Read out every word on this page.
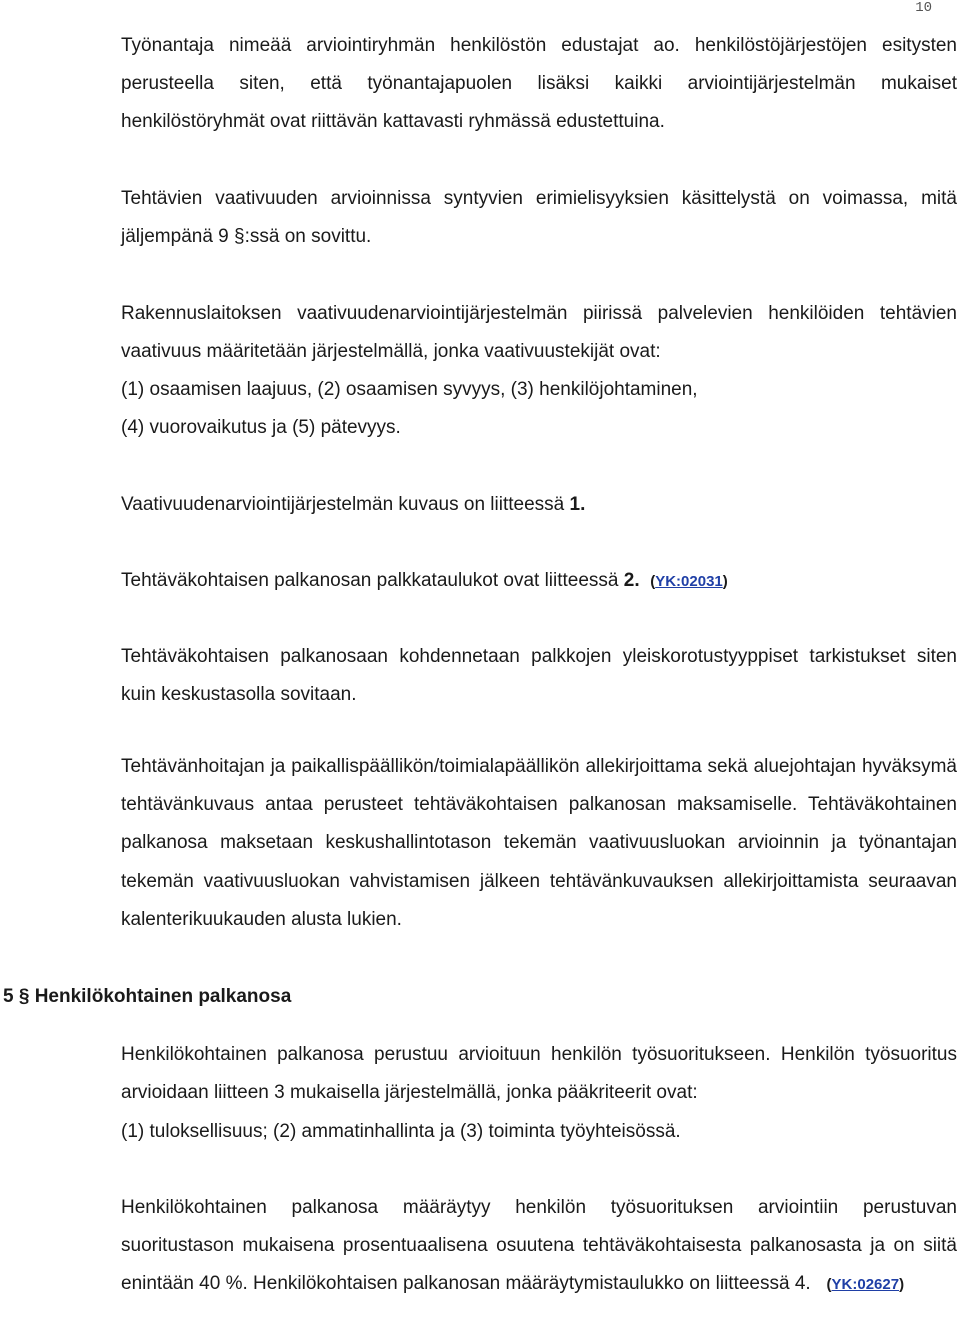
10

Työnantaja nimeää arviointiryhmän henkilöstön edustajat ao. henkilöstöjärjestöjen esitysten perusteella siten, että työnantajapuolen lisäksi kaikki arviointijärjestelmän mukaiset henkilöstöryhmät ovat riittävän kattavasti ryhmässä edustettuina.

Tehtävien vaativuuden arvioinnissa syntyvien erimielisyyksien käsittelystä on voimassa, mitä jäljempänä 9 §:ssä on sovittu.

Rakennuslaitoksen vaativuudenarviointijärjestelmän piirissä palvelevien henkilöiden tehtävien vaativuus määritetään järjestelmällä, jonka vaativuustekijät ovat:

(1) osaamisen laajuus, (2) osaamisen syvyys, (3) henkilöjohtaminen,

(4) vuorovaikutus ja (5) pätevyys.

Vaativuudenarviointijärjestelmän kuvaus on liitteessä 1.

Tehtäväkohtaisen palkanosan palkkataulukot ovat liitteessä 2. (YK:02031)

Tehtäväkohtaisen palkanosaan kohdennetaan palkkojen yleiskorotustyyppiset tarkistukset siten kuin keskustasolla sovitaan.

Tehtävänhoitajan ja paikallispäällikön/toimialapäällikön allekirjoittama sekä aluejohtajan hyväksymä tehtävänkuvaus antaa perusteet tehtäväkohtaisen palkanosan maksamiselle. Tehtäväkohtainen palkanosa maksetaan keskushallintotason tekemän vaativuusluokan arvioinnin ja työnantajan tekemän vaativuusluokan vahvistamisen jälkeen tehtävänkuvauksen allekirjoittamista seuraavan kalenterikuukauden alusta lukien.

5 § Henkilökohtainen palkanosa

Henkilökohtainen palkanosa perustuu arvioituun henkilön työsuoritukseen. Henkilön työsuoritus arvioidaan liitteen 3 mukaisella järjestelmällä, jonka pääkriteerit ovat:

(1) tuloksellisuus; (2) ammatinhallinta ja (3) toiminta työyhteisössä.

Henkilökohtainen palkanosa määräytyy henkilön työsuorituksen arviointiin perustuvan suoritustason mukaisena prosentuaalisena osuutena tehtäväkohtaisesta palkanosasta ja on siitä enintään 40 %. Henkilökohtaisen palkanosan määräytymistaulukko on liitteessä 4. (YK:02627)
